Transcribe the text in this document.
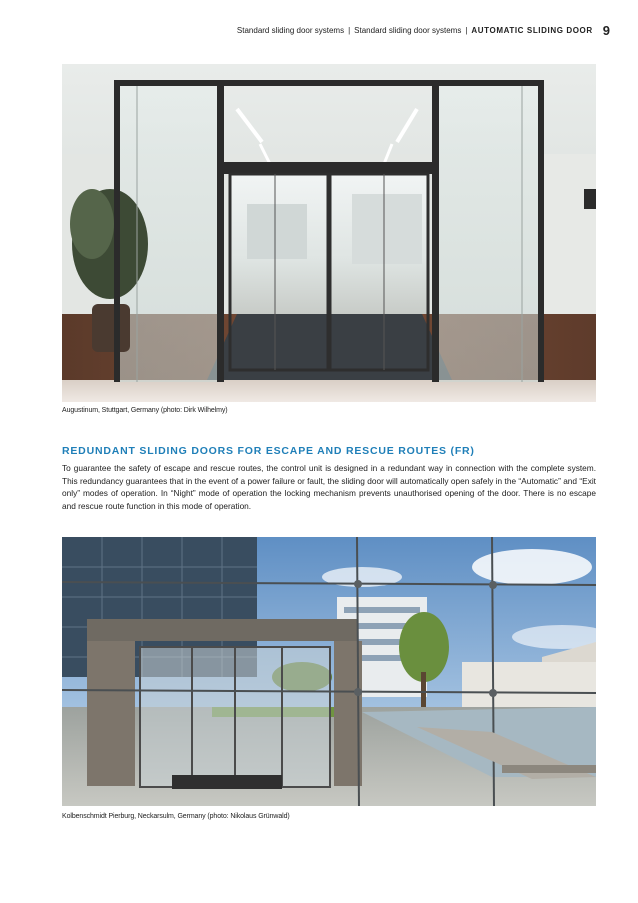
Standard sliding door systems | Standard sliding door systems | AUTOMATIC SLIDING DOOR 9
Augustinum, Stuttgart, Germany (photo: Dirk Wilhelmy)
REDUNDANT SLIDING DOORS FOR ESCAPE AND RESCUE ROUTES (FR)
To guarantee the safety of escape and rescue routes, the control unit is designed in a redundant way in connection with the complete system. This redundancy guarantees that in the event of a power failure or fault, the sliding door will automatically open safely in the “Automatic” and “Exit only” modes of operation. In “Night” mode of operation the locking mechanism prevents unauthorised opening of the door. There is no escape and rescue route function in this mode of operation.
Kolbenschmidt Pierburg, Neckarsulm, Germany (photo: Nikolaus Grünwald)
